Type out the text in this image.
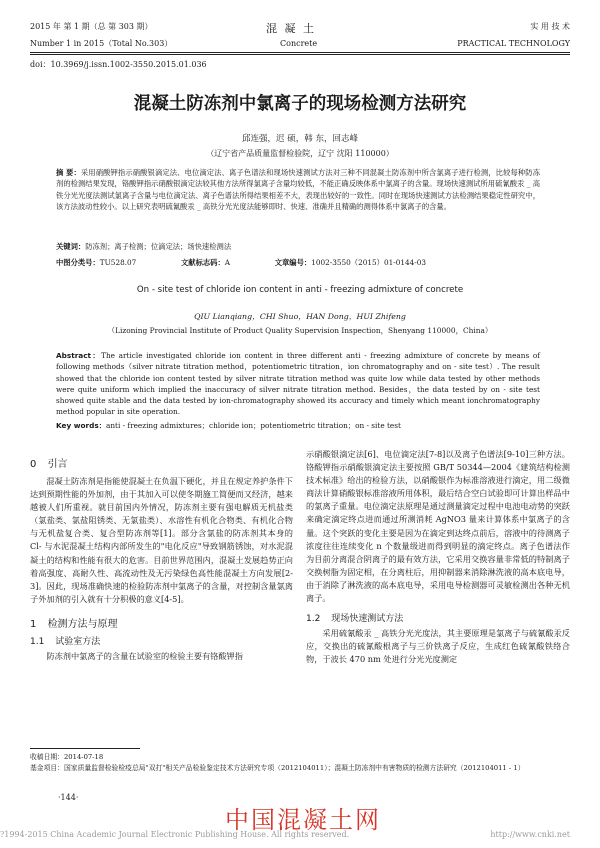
2015 年 第 1 期（总 第 303 期）
Number 1 in 2015（Total No.303）
混 凝 土
Concrete
实 用 技 术
PRACTICAL TECHNOLOGY
doi：10.3969/j.issn.1002-3550.2015.01.036
混凝土防冻剂中氯离子的现场检测方法研究
邱连强，迟 硕，韩 东，回志峰
（辽宁省产品质量监督检验院，辽宁 沈阳 110000）
摘 要：采用硝酸钾指示硝酸银滴定法、电位滴定法、离子色谱法和现场快速测试方法对三种不同混凝土防冻剂中所含氯离子进行检测，比较每种防冻剂的检测结果发现，铬酸钾指示硝酸银滴定法较其他方法所得氯离子含量均较低，不能正确反映体系中氯离子的含量。现场快速测试所用硫氰酸汞 _ 高铁分光光度法测试氯离子含量与电位滴定法、离子色谱法所得结果相差不大，表现出较好的一致性。同时在现场快速测试方法检测结果稳定性研究中，该方法波动性较小。以上研究表明硫氰酸汞 _ 高铁分光光度法能够即时、快速、准确并且精确的测得体系中氯离子的含量。
关键词：防冻剂；离子检测；位滴定法；场快速检测法
中图分类号：TU528.07	文献标志码：A	文章编号：1002-3550（2015）01-0144-03
On - site test of chloride ion content in anti - freezing admixture of concrete
QIU Lianqiang，CHI Shuo，HAN Dong，HUI Zhifeng
（Lizoning Provincial Institute of Product Quality Supervision Inspection，Shenyang 110000，China）
Abstract：The article investigated chloride ion content in three different anti - freezing admixture of concrete by means of following methods（silver nitrate titration method，potentiometric titration，ion chromatography and on - site test）. The result showed that the chloride ion content tested by silver nitrate titration method was quite low while data tested by other methods were quite uniform which implied the inaccuracy of silver nitrate titration method. Besides，the data tested by on - site test showed quite stable and the data tested by ion-chromatography showed its accuracy and timely which meant ionchromatography method popular in site operation.
Key words：anti - freezing admixtures；chloride ion；potentiometric titration；on - site test
0 引言

混凝土防冻剂是指能使混凝土在负温下硬化，并且在规定养护条件下达到预期性能的外加剂，由于其加入可以使冬期施工简便而又经济，越来越被人们所重视。就目前国内外情况，防冻剂主要有强电解质无机盐类（氯盐类、氯盐阻锈类、无氯盐类）、水溶性有机化合物类、有机化合物与无机盐复合类、复合型防冻剂等[1]。部分含氯盐的防冻剂其本身的 Cl- 与水泥混凝土结构内部所发生的"电化反应"导致钢筋锈蚀，对水泥混凝土的结构和性能有很大的危害。目前世界范围内，混凝土发展趋势正向着高强度、高耐久性、高流动性及无污染绿色高性能混凝土方向发展[2-3]。因此，现场准确快速的检验防冻剂中氯离子的含量，对控制含量氯离子外加剂的引入就有十分积极的意义[4-5]。

1 检测方法与原理
1.1 试验室方法

防冻剂中氯离子的含量在试验室的检验主要有铬酸钾指

示硝酸银滴定法[6]、电位滴定法[7-8]以及离子色谱法[9-10]三种方法。铬酸钾指示硝酸银滴定法主要按照 GB/T 50344—2004《建筑结构检测技术标准》给出的检验方法，以硝酸银作为标准溶液进行滴定，用二级微商法计算硝酸银标准溶液所用体积，最后结合空白试验即可计算出样品中的氯离子重量。电位滴定法原理是通过测量滴定过程中电池电动势的突跃来确定滴定终点进而通过所测消耗 AgNO3 量来计算体系中氯离子的含量。这个突跃的变化主要是因为在滴定到达终点前后，溶液中的待测离子浓度往往连续变化 n 个数量级进而得到明显的滴定终点。离子色谱法作为目前分离混合阴离子的最有效方法，它采用交换容量非常低的特制离子交换树脂为固定相，在分离柱后，用抑制器来消除淋洗液的高本底电导，由于消除了淋洗液的高本底电导，采用电导检测器可灵敏检测出各种无机离子。

1.2 现场快速测试方法

采用硫氰酸汞 _ 高铁分光光度法，其主要原理是氯离子与硫氰酸汞反应，交换出的硫氰酸根离子与三价铁离子反应，生成红色硫氰酸铁络合物，于波长 470 nm 处进行分光光度测定

收稿日期：2014-07-18
基金项目：国家质量监督检验检疫总局"双打"相关产品检验鉴定技术方法研究专项（2012104011）；混凝土防冻剂中有害物质的检测方法研究（2012104011 - 1）
·144·
中国混凝土网
?1994-2015 China Academic Journal Electronic Publishing House. All rights reserved.	http://www.cnki.net
